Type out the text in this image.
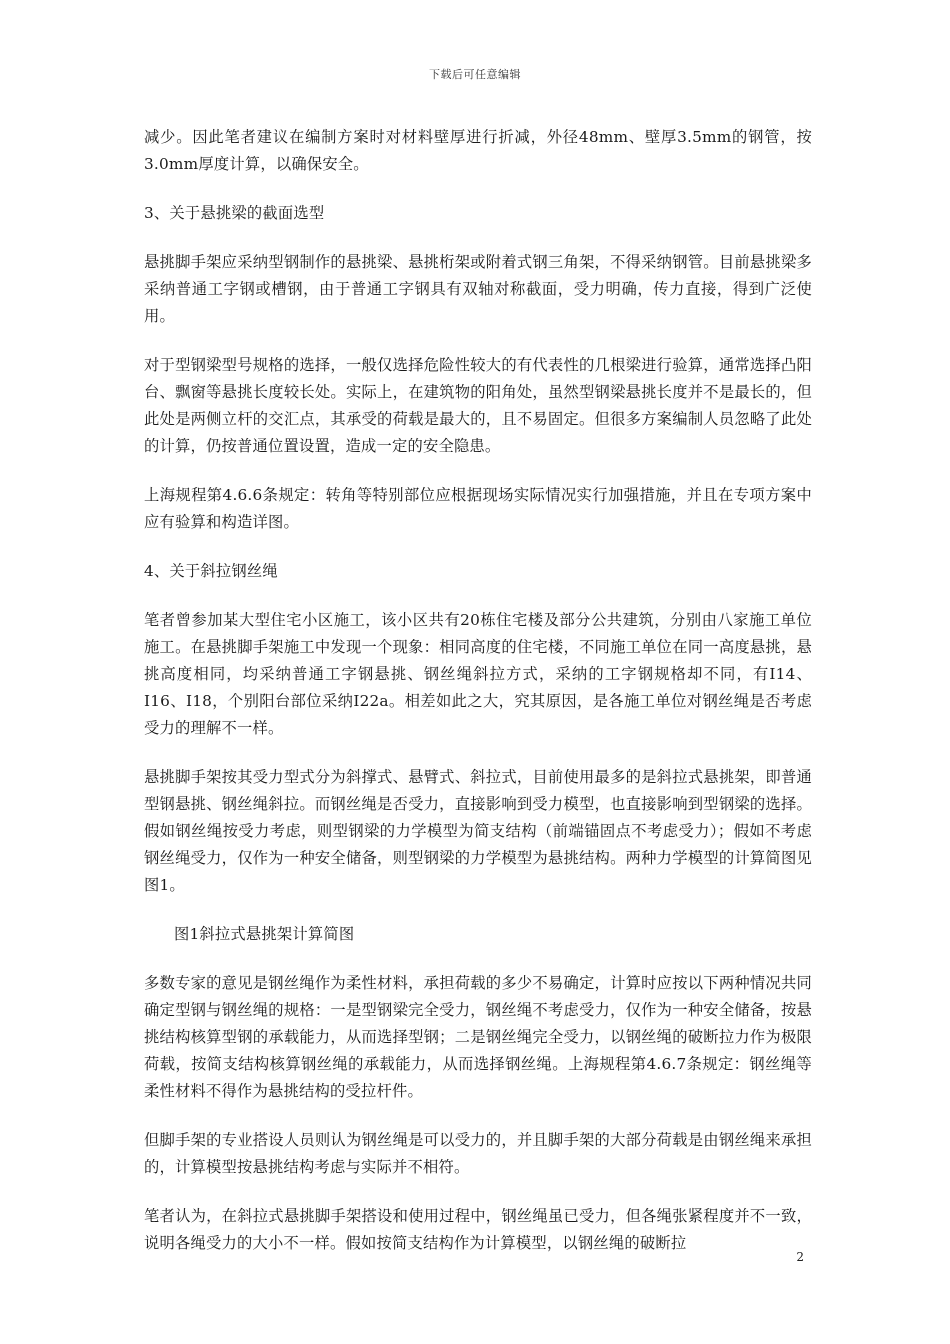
下载后可任意编辑

减少。因此笔者建议在编制方案时对材料壁厚进行折减，外径48mm、壁厚3.5mm的钢管，按3.0mm厚度计算，以确保安全。

3、关于悬挑梁的截面选型

悬挑脚手架应采纳型钢制作的悬挑梁、悬挑桁架或附着式钢三角架，不得采纳钢管。目前悬挑梁多采纳普通工字钢或槽钢，由于普通工字钢具有双轴对称截面，受力明确，传力直接，得到广泛使用。

对于型钢梁型号规格的选择，一般仅选择危险性较大的有代表性的几根梁进行验算，通常选择凸阳台、飘窗等悬挑长度较长处。实际上，在建筑物的阳角处，虽然型钢梁悬挑长度并不是最长的，但此处是两侧立杆的交汇点，其承受的荷载是最大的，且不易固定。但很多方案编制人员忽略了此处的计算，仍按普通位置设置，造成一定的安全隐患。

上海规程第4.6.6条规定：转角等特别部位应根据现场实际情况实行加强措施，并且在专项方案中应有验算和构造详图。

4、关于斜拉钢丝绳

笔者曾参加某大型住宅小区施工，该小区共有20栋住宅楼及部分公共建筑，分别由八家施工单位施工。在悬挑脚手架施工中发现一个现象：相同高度的住宅楼，不同施工单位在同一高度悬挑，悬挑高度相同，均采纳普通工字钢悬挑、钢丝绳斜拉方式，采纳的工字钢规格却不同，有I14、I16、I18，个别阳台部位采纳I22a。相差如此之大，究其原因，是各施工单位对钢丝绳是否考虑受力的理解不一样。

悬挑脚手架按其受力型式分为斜撑式、悬臂式、斜拉式，目前使用最多的是斜拉式悬挑架，即普通型钢悬挑、钢丝绳斜拉。而钢丝绳是否受力，直接影响到受力模型，也直接影响到型钢梁的选择。假如钢丝绳按受力考虑，则型钢梁的力学模型为简支结构（前端锚固点不考虑受力）；假如不考虑钢丝绳受力，仅作为一种安全储备，则型钢梁的力学模型为悬挑结构。两种力学模型的计算简图见图1。

图1斜拉式悬挑架计算简图

多数专家的意见是钢丝绳作为柔性材料，承担荷载的多少不易确定，计算时应按以下两种情况共同确定型钢与钢丝绳的规格：一是型钢梁完全受力，钢丝绳不考虑受力，仅作为一种安全储备，按悬挑结构核算型钢的承载能力，从而选择型钢；二是钢丝绳完全受力，以钢丝绳的破断拉力作为极限荷载，按简支结构核算钢丝绳的承载能力，从而选择钢丝绳。上海规程第4.6.7条规定：钢丝绳等柔性材料不得作为悬挑结构的受拉杆件。

但脚手架的专业搭设人员则认为钢丝绳是可以受力的，并且脚手架的大部分荷载是由钢丝绳来承担的，计算模型按悬挑结构考虑与实际并不相符。

笔者认为，在斜拉式悬挑脚手架搭设和使用过程中，钢丝绳虽已受力，但各绳张紧程度并不一致，说明各绳受力的大小不一样。假如按简支结构作为计算模型，以钢丝绳的破断拉

2
